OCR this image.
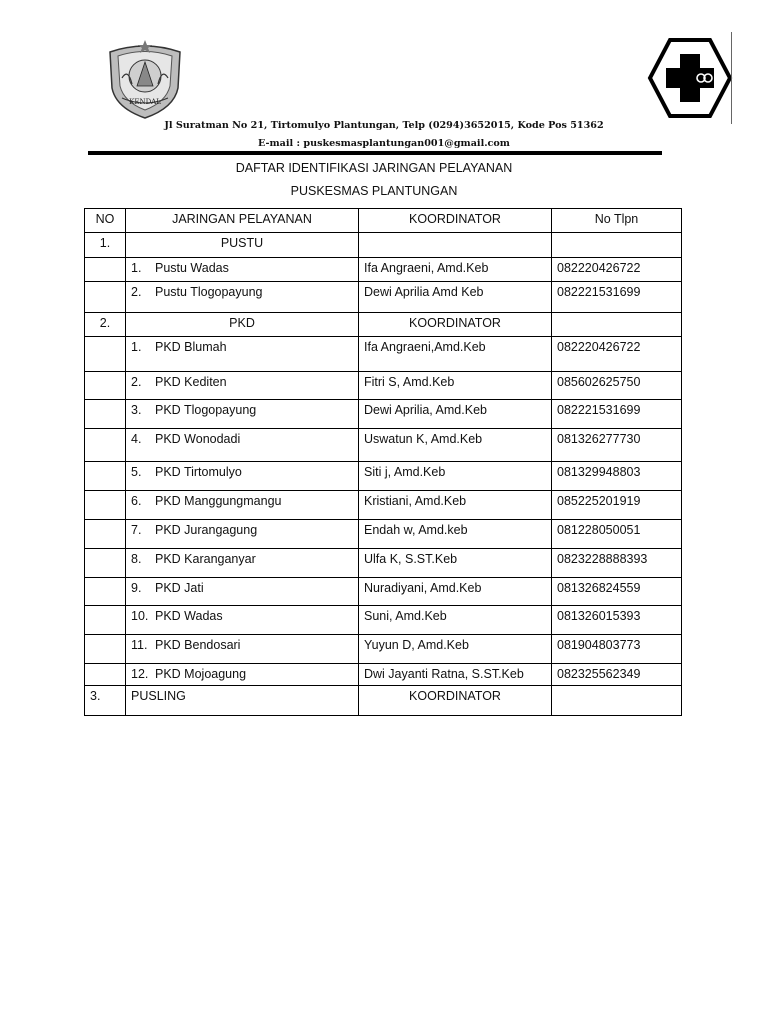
KENDAL
Jl Suratman No 21, Tirtomulyo Plantungan, Telp (0294)3652015, Kode Pos 51362
E-mail : puskesmasplantungan001@gmail.com
DAFTAR IDENTIFIKASI JARINGAN PELAYANAN
PUSKESMAS PLANTUNGAN
NO	JARINGAN PELAYANAN	KOORDINATOR	No Tlpn
1.	PUSTU		
	1. Pustu Wadas	Ifa Angraeni, Amd.Keb	082220426722
	2. Pustu Tlogopayung	Dewi Aprilia Amd Keb	082221531699
2.	PKD	KOORDINATOR	
	1. PKD Blumah	Ifa Angraeni,Amd.Keb	082220426722
	2. PKD Kediten	Fitri S, Amd.Keb	085602625750
	3. PKD Tlogopayung	Dewi Aprilia, Amd.Keb	082221531699
	4. PKD Wonodadi	Uswatun K, Amd.Keb	081326277730
	5. PKD Tirtomulyo	Siti j, Amd.Keb	081329948803
	6. PKD Manggungmangu	Kristiani, Amd.Keb	085225201919
	7. PKD Jurangagung	Endah w, Amd.keb	081228050051
	8. PKD Karanganyar	Ulfa K, S.ST.Keb	0823228888393
	9. PKD Jati	Nuradiyani, Amd.Keb	081326824559
	10. PKD Wadas	Suni, Amd.Keb	081326015393
	11. PKD Bendosari	Yuyun D, Amd.Keb	081904803773
	12. PKD Mojoagung	Dwi Jayanti Ratna, S.ST.Keb	082325562349
3.	PUSLING	KOORDINATOR	
